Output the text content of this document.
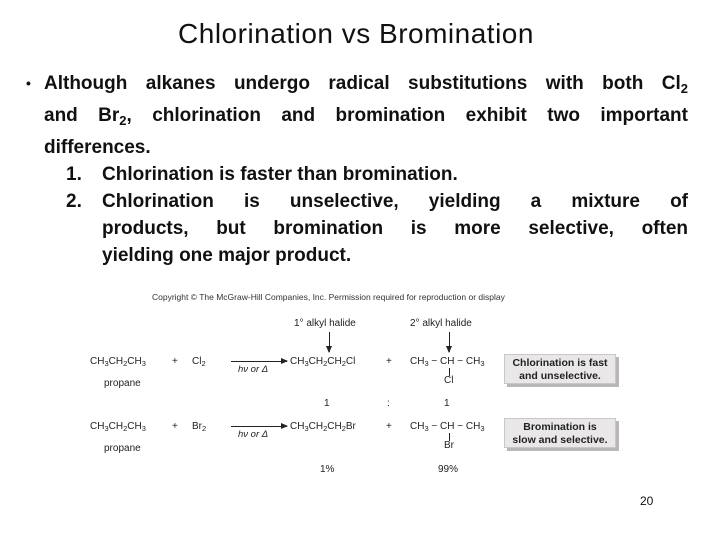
Chlorination vs Bromination
• Although alkanes undergo radical substitutions with both $Cl_2$
and $Br_2$, chlorination and bromination exhibit two important
differences.
1.	Chlorination is faster than bromination.
2.	Chlorination is unselective, yielding a mixture of
products, but bromination is more selective, often
yielding one major product.
Copyright © The McGraw-Hill Companies, Inc. Permission required for reproduction or display
1° alkyl halide	2° alkyl halide
$CH_3CH_2CH_3$
propane
+ $Cl_2$
hν or Δ
$CH_3CH_2CH_2Cl$	+ $CH_3$ − CH − $CH_3$
Cl
Chlorination is fast and unselective.
1	:	1
$CH_3CH_2CH_3$
propane
+ $Br_2$
hν or Δ
$CH_3CH_2CH_2Br$	+ $CH_3$ − CH − $CH_3$
Br
Bromination is slow and selective.
1%	99%
20
